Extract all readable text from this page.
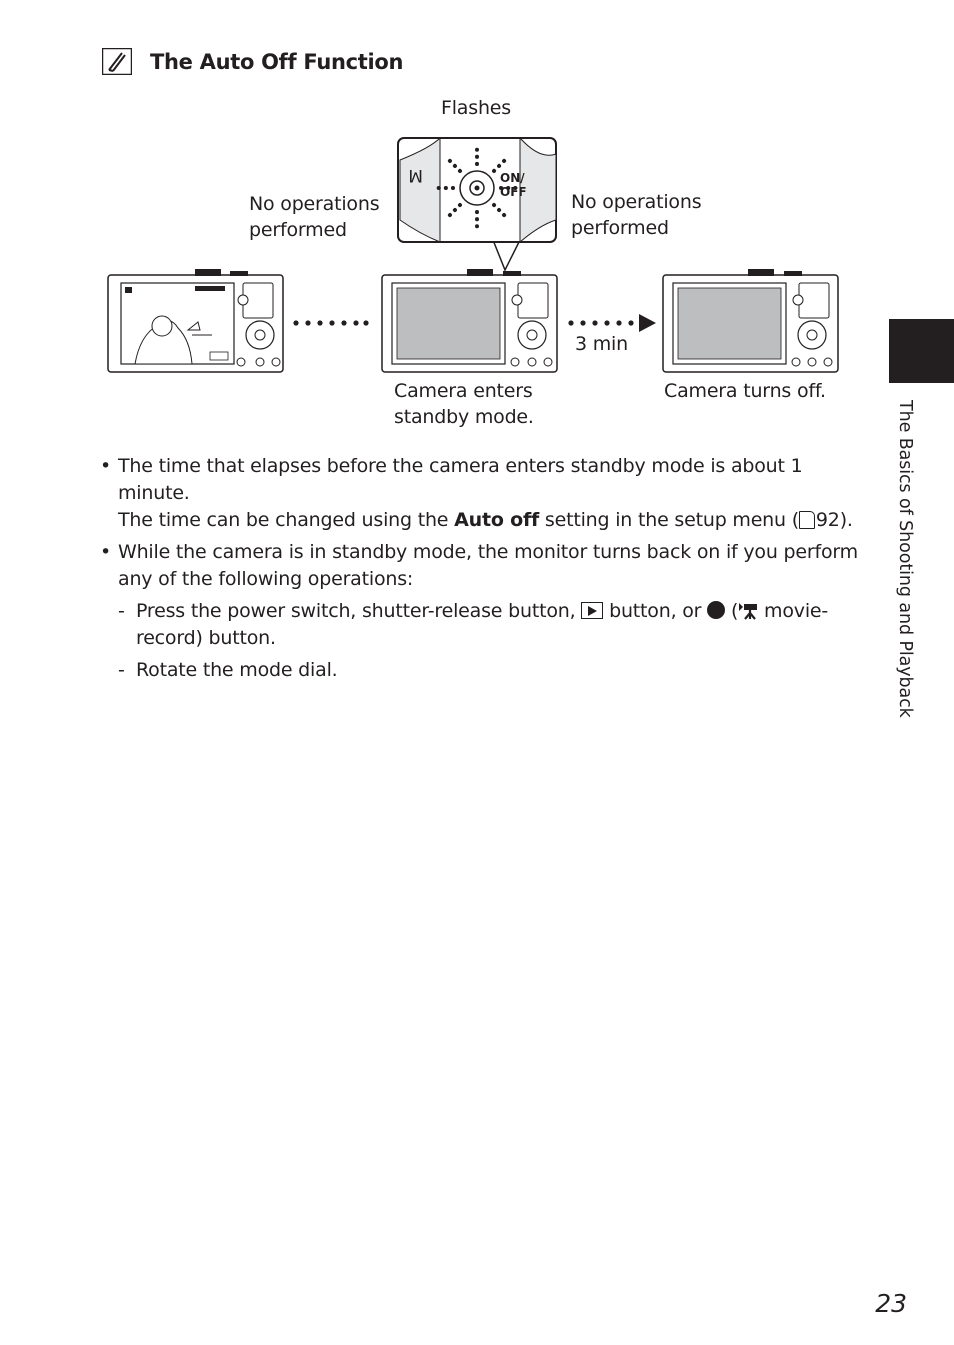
The Auto Off Function
M	ON/
OFF
Flashes
No operations
performed
No operations
performed
3 min
Camera enters
standby mode.
Camera turns off.
• The time that elapses before the camera enters standby mode is about 1 minute.
The time can be changed using the Auto off setting in the setup menu ( 92).
• While the camera is in standby mode, the monitor turns back on if you perform any of the following operations:
- Press the power switch, shutter-release button,  button, or  ( movie-record) button.
- Rotate the mode dial.	The Basics of Shooting and Playback
23
